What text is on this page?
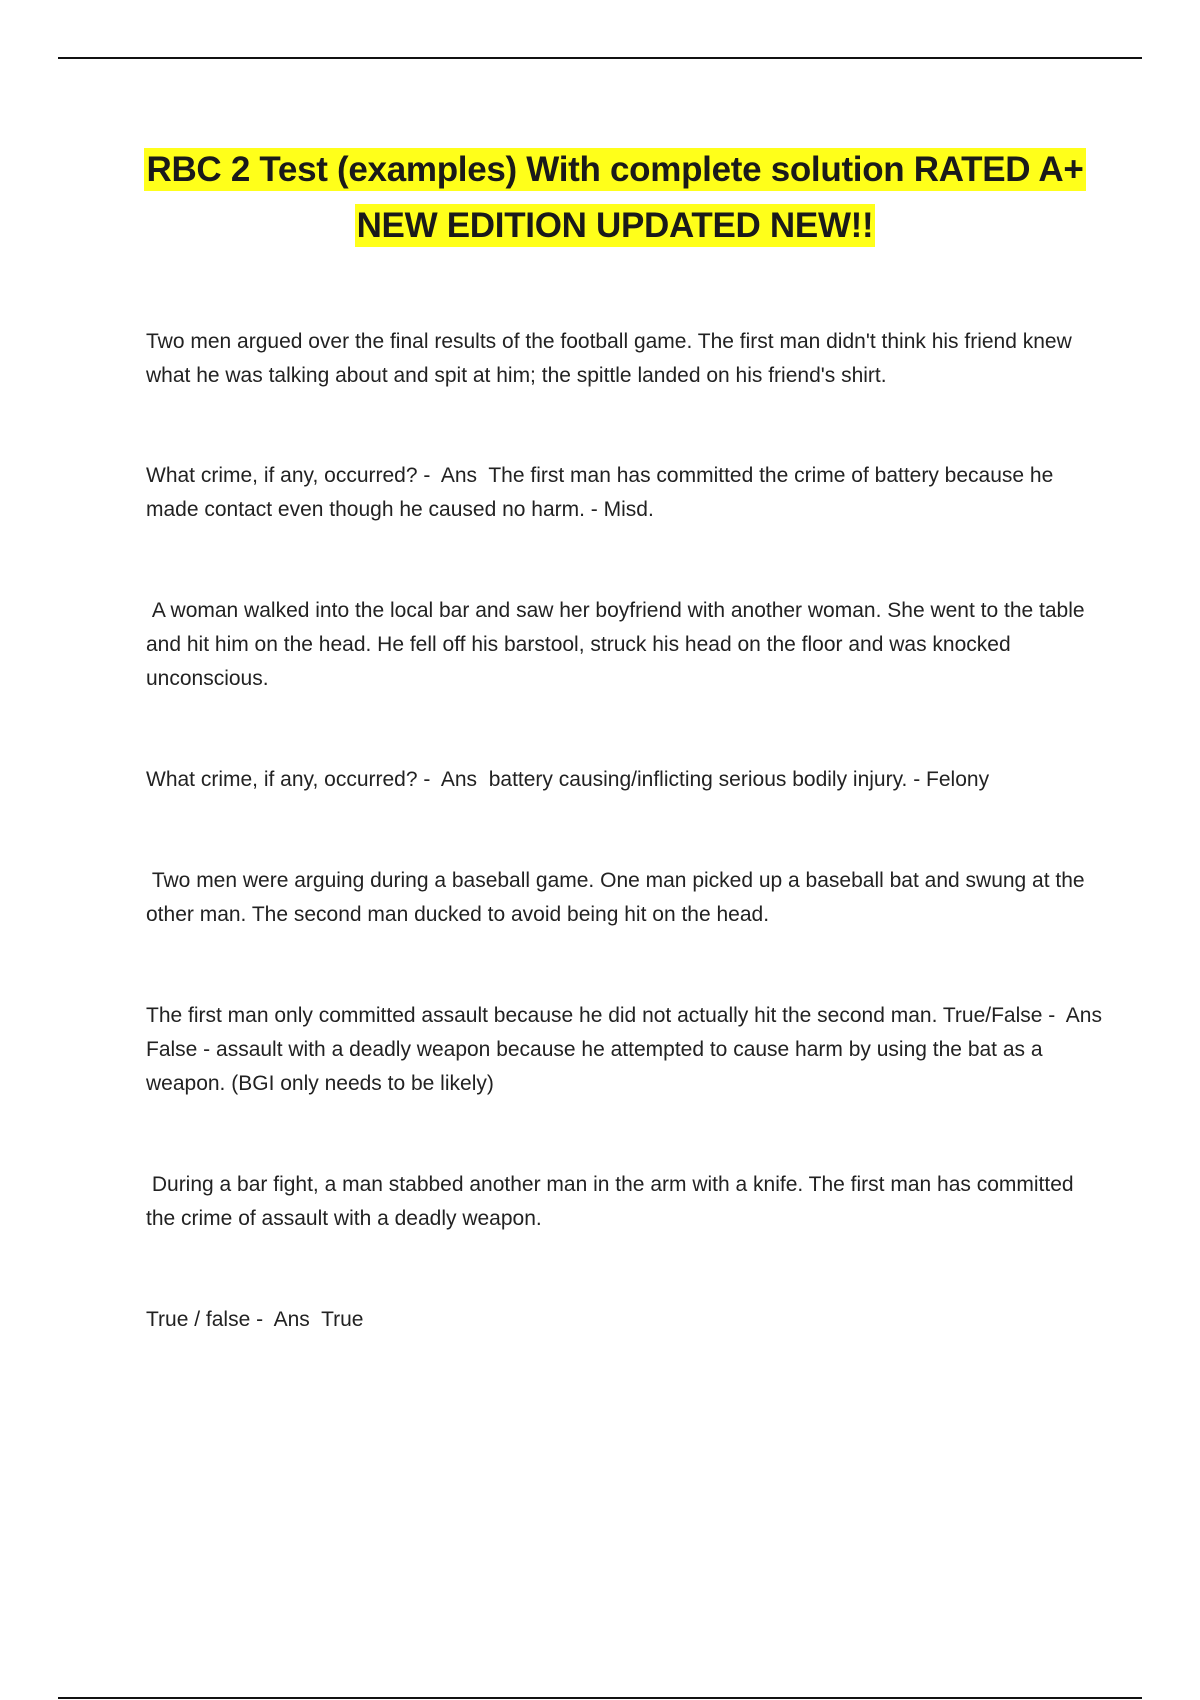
RBC 2 Test (examples) With complete solution RATED A+
NEW EDITION UPDATED NEW!!
Two men argued over the final results of the football game. The first man didn't think his friend knew what he was talking about and spit at him; the spittle landed on his friend's shirt.
What crime, if any, occurred? -  Ans  The first man has committed the crime of battery because he made contact even though he caused no harm. - Misd.
A woman walked into the local bar and saw her boyfriend with another woman. She went to the table and hit him on the head. He fell off his barstool, struck his head on the floor and was knocked unconscious.
What crime, if any, occurred? -  Ans  battery causing/inflicting serious bodily injury. - Felony
Two men were arguing during a baseball game. One man picked up a baseball bat and swung at the other man. The second man ducked to avoid being hit on the head.
The first man only committed assault because he did not actually hit the second man. True/False -  Ans  False - assault with a deadly weapon because he attempted to cause harm by using the bat as a weapon. (BGI only needs to be likely)
During a bar fight, a man stabbed another man in the arm with a knife. The first man has committed the crime of assault with a deadly weapon.
True / false -  Ans  True
